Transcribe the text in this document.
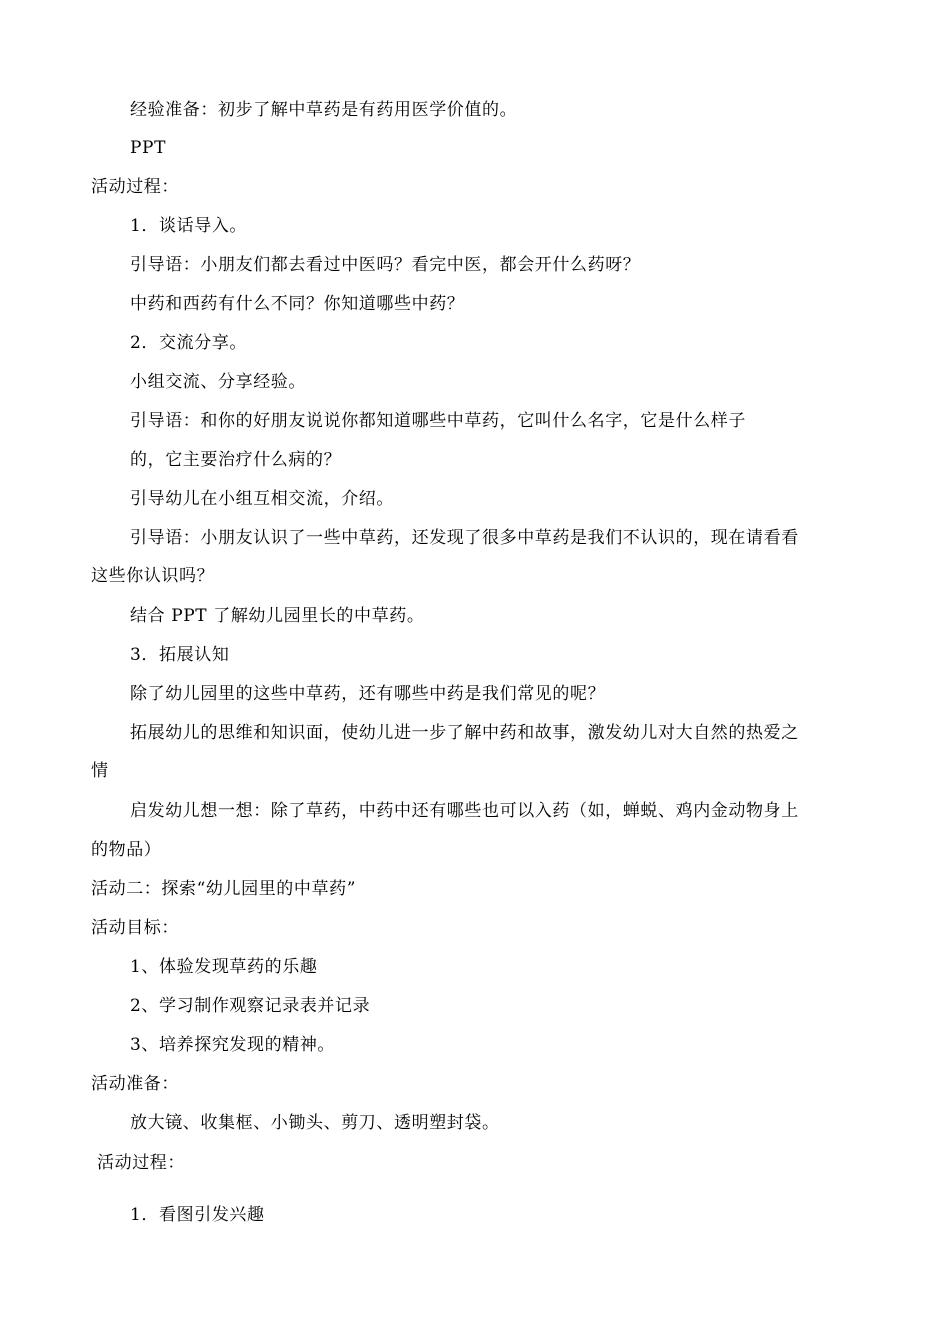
经验准备：初步了解中草药是有药用医学价值的。
PPT
活动过程：
1．谈话导入。
引导语：小朋友们都去看过中医吗？看完中医，都会开什么药呀？
中药和西药有什么不同？你知道哪些中药？
2．交流分享。
小组交流、分享经验。
引导语：和你的好朋友说说你都知道哪些中草药，它叫什么名字，它是什么样子
的，它主要治疗什么病的？
引导幼儿在小组互相交流，介绍。
引导语：小朋友认识了一些中草药，还发现了很多中草药是我们不认识的，现在请看看
这些你认识吗？
结合 PPT 了解幼儿园里长的中草药。
3．拓展认知
除了幼儿园里的这些中草药，还有哪些中药是我们常见的呢？
拓展幼儿的思维和知识面，使幼儿进一步了解中药和故事，激发幼儿对大自然的热爱之
情
启发幼儿想一想：除了草药，中药中还有哪些也可以入药（如，蝉蜕、鸡内金动物身上
的物品）
活动二：探索“幼儿园里的中草药”
活动目标：
1、体验发现草药的乐趣
2、学习制作观察记录表并记录
3、培养探究发现的精神。
活动准备：
放大镜、收集框、小锄头、剪刀、透明塑封袋。
活动过程：
1．看图引发兴趣
